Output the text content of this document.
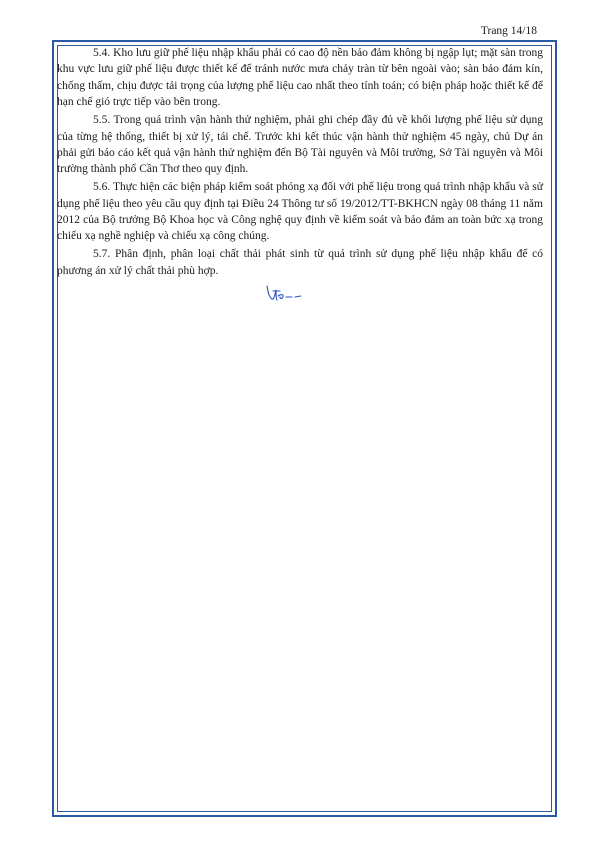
Trang 14/18

5.4. Kho lưu giữ phế liệu nhập khẩu phải có cao độ nền bảo đảm không bị ngập lụt; mặt sàn trong khu vực lưu giữ phế liệu được thiết kế để tránh nước mưa chảy tràn từ bên ngoài vào; sàn bảo đảm kín, chống thấm, chịu được tải trọng của lượng phế liệu cao nhất theo tính toán; có biện pháp hoặc thiết kế để hạn chế gió trực tiếp vào bên trong.

5.5. Trong quá trình vận hành thử nghiệm, phải ghi chép đầy đủ về khối lượng phế liệu sử dụng của từng hệ thống, thiết bị xử lý, tái chế. Trước khi kết thúc vận hành thử nghiệm 45 ngày, chủ Dự án phải gửi báo cáo kết quả vận hành thử nghiệm đến Bộ Tài nguyên và Môi trường, Sở Tài nguyên và Môi trường thành phố Cần Thơ theo quy định.

5.6. Thực hiện các biện pháp kiểm soát phóng xạ đối với phế liệu trong quá trình nhập khẩu và sử dụng phế liệu theo yêu cầu quy định tại Điều 24 Thông tư số 19/2012/TT-BKHCN ngày 08 tháng 11 năm 2012 của Bộ trưởng Bộ Khoa học và Công nghệ quy định về kiểm soát và bảo đảm an toàn bức xạ trong chiếu xạ nghề nghiệp và chiếu xạ công chúng.

5.7. Phân định, phân loại chất thải phát sinh từ quá trình sử dụng phế liệu nhập khẩu để có phương án xử lý chất thải phù hợp.
